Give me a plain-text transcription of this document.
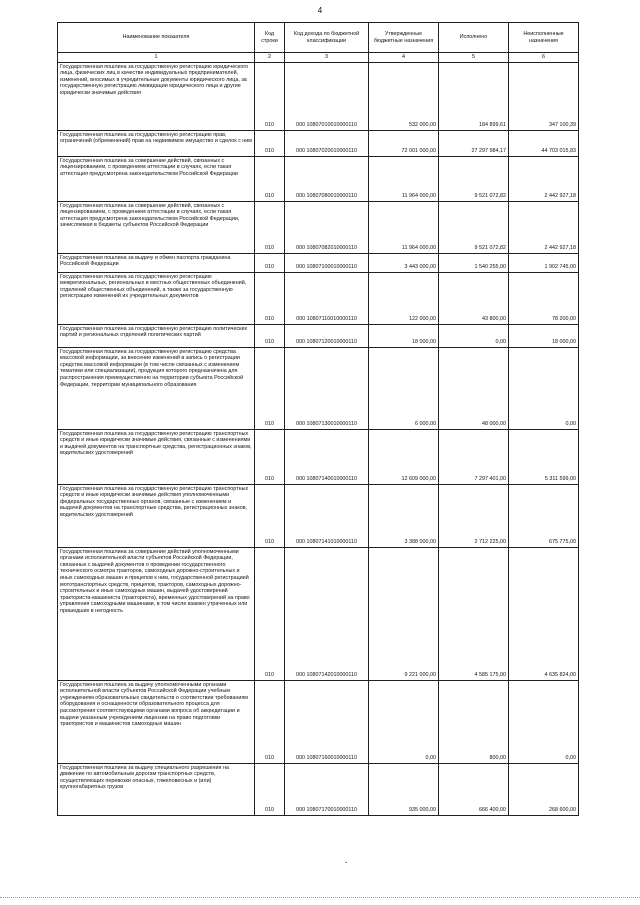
4
Наименование показателя	Код строки	Код дохода по бюджетной классификации	Утвержденные бюджетные назначения	Исполнено	Неисполненные назначения
1	2	3	4	5	6
Государственная пошлина за государственную регистрацию юридического лица, физических лиц в качестве индивидуальных предпринимателей, изменений, вносимых в учредительные документы юридического лица, за государственную регистрацию ликвидации юридического лица и другие юридически значимые действия	010	000 10807010010000110	532 000,00	184 899,61	347 100,39
Государственная пошлина за государственную регистрацию прав, ограничений (обременений) прав на недвижимое имущество и сделок с ним	010	000 10807020010000110	72 001 000,00	27 297 984,17	44 703 015,83
Государственная пошлина за совершение действий, связанных с лицензированием, с проведением аттестации в случаях, если такая аттестация предусмотрена законодательством Российской Федерации	010	000 10807080010000110	11 964 000,00	9 521 072,82	2 442 927,18
Государственная пошлина за совершение действий, связанных с лицензированием, с проведением аттестации в случаях, если такая аттестация предусмотрена законодательством Российской Федерации, зачисляемая в бюджеты субъектов Российской Федерации	010	000 10807082010000110	11 964 000,00	9 521 072,82	2 442 927,18
Государственная пошлина за выдачу и обмен паспорта гражданина Российской Федерации	010	000 10807100010000110	3 443 000,00	1 540 255,00	1 902 745,00
Государственная пошлина за государственную регистрацию межрегиональных, региональных и местных общественных объединений, отделений общественных объединений, а также за государственную регистрацию изменений их учредительных документов	010	000 10807110010000110	122 000,00	43 800,00	78 200,00
Государственная пошлина за государственную регистрацию политических партий и региональных отделений политических партий	010	000 10807120010000110	18 000,00	0,00	18 000,00
Государственная пошлина за государственную регистрацию средства массовой информации, за внесение изменений в запись о регистрации средства массовой информации (в том числе связанных с изменением тематики или специализации), продукция которого предназначена для распространения преимущественно на территории субъекта Российской Федерации, территории муниципального образования	010	000 10807130010000110	6 000,00	48 000,00	0,00
Государственная пошлина за государственную регистрацию транспортных средств и иные юридически значимые действия, связанные с изменениями и выдачей документов на транспортные средства, регистрационных знаков, водительских удостоверений	010	000 10807140010000110	12 609 000,00	7 297 401,00	5 311 599,00
Государственная пошлина за государственную регистрацию транспортных средств и иные юридически значимые действия уполномоченными федеральных государственных органов, связанные с изменением и выдачей документов на транспортные средства, регистрационных знаков, водительских удостоверений	010	000 10807141010000110	3 388 000,00	2 712 225,00	675 775,00
Государственная пошлина за совершение действий уполномоченными органами исполнительной власти субъектов Российской Федерации, связанных с выдачей документов о проведении государственного технического осмотра тракторов, самоходных дорожно-строительных и иных самоходных машин и прицепов к ним, государственной регистрацией мототранспортных средств, прицепов, тракторов, самоходных дорожно-строительных и иных самоходных машин, выдачей удостоверений тракториста-машиниста (тракториста), временных удостоверений на право управления самоходными машинами, в том числе взамен утраченных или пришедших в негодность	010	000 10807142010000110	9 221 000,00	4 585 175,00	4 635 824,00
Государственная пошлина за выдачу уполномоченными органами исполнительной власти субъектов Российской Федерации учебным учреждениям образовательных свидетельств о соответствии требованиям оборудования и оснащенности образовательного процесса для рассмотрения соответствующими органами вопроса об аккредитации и выдачи указанным учреждениям лицензии на право подготовки трактористов и машинистов самоходных машин	010	000 10807160010000110	0,00	800,00	0,00
Государственная пошлина за выдачу специального разрешения на движение по автомобильным дорогам транспортных средств, осуществляющих перевозки опасных, тяжеловесных и (или) крупногабаритных грузов	010	000 10807170010000110	935 000,00	666 400,00	268 600,00
